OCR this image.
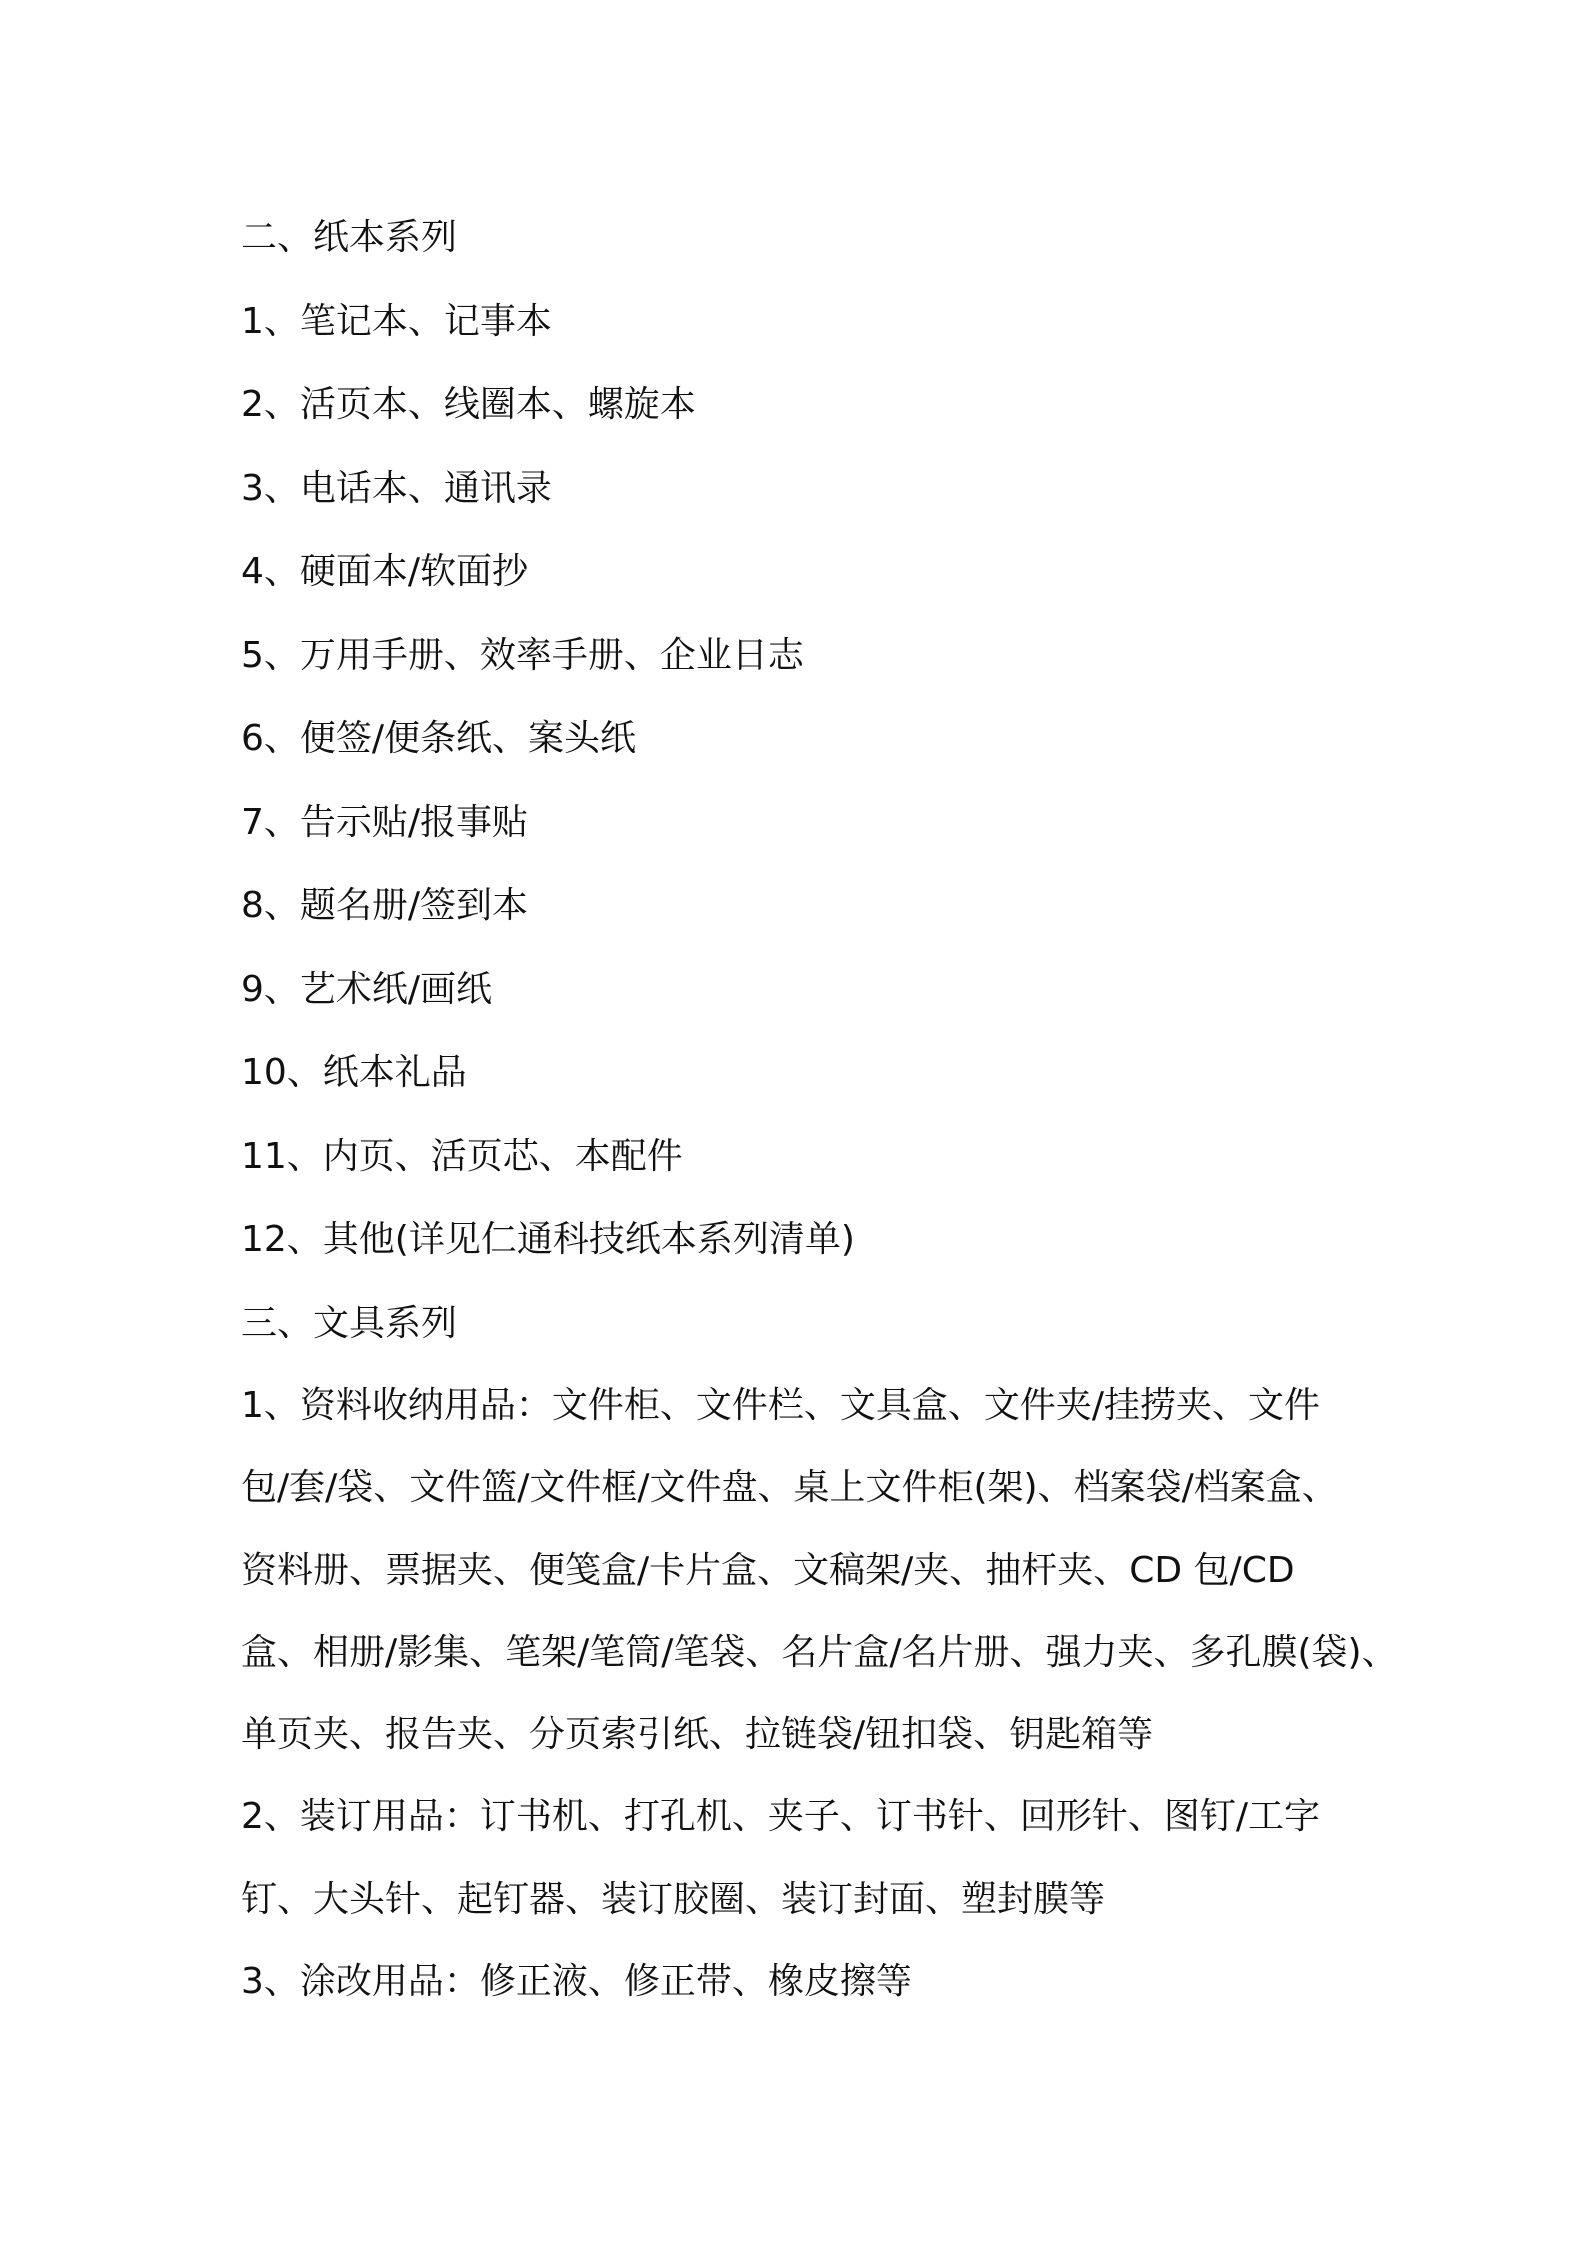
二、纸本系列

1、笔记本、记事本

2、活页本、线圈本、螺旋本

3、电话本、通讯录

4、硬面本/软面抄

5、万用手册、效率手册、企业日志

6、便签/便条纸、案头纸

7、告示贴/报事贴

8、题名册/签到本

9、艺术纸/画纸

10、纸本礼品

11、内页、活页芯、本配件

12、其他(详见仁通科技纸本系列清单)

三、文具系列

1、资料收纳用品：文件柜、文件栏、文具盒、文件夹/挂捞夹、文件

包/套/袋、文件篮/文件框/文件盘、桌上文件柜(架)、档案袋/档案盒、

资料册、票据夹、便笺盒/卡片盒、文稿架/夹、抽杆夹、CD 包/CD

盒、相册/影集、笔架/笔筒/笔袋、名片盒/名片册、强力夹、多孔膜(袋)、

单页夹、报告夹、分页索引纸、拉链袋/钮扣袋、钥匙箱等

2、装订用品：订书机、打孔机、夹子、订书针、回形针、图钉/工字

钉、大头针、起钉器、装订胶圈、装订封面、塑封膜等

3、涂改用品：修正液、修正带、橡皮擦等
